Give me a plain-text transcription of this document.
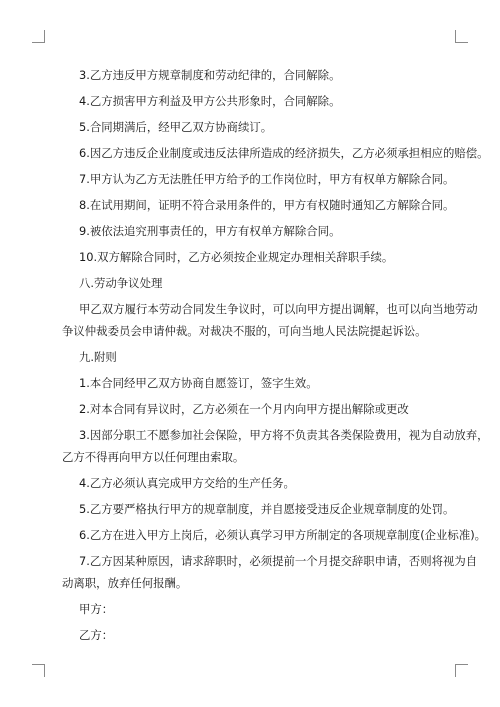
3.乙方违反甲方规章制度和劳动纪律的，合同解除。

4.乙方损害甲方利益及甲方公共形象时，合同解除。

5.合同期满后，经甲乙双方协商续订。

6.因乙方违反企业制度或违反法律所造成的经济损失，乙方必须承担相应的赔偿。

7.甲方认为乙方无法胜任甲方给予的工作岗位时，甲方有权单方解除合同。

8.在试用期间，证明不符合录用条件的，甲方有权随时通知乙方解除合同。

9.被依法追究刑事责任的，甲方有权单方解除合同。

10.双方解除合同时，乙方必须按企业规定办理相关辞职手续。

八.劳动争议处理

甲乙双方履行本劳动合同发生争议时，可以向甲方提出调解，也可以向当地劳动

争议仲裁委员会申请仲裁。对裁决不服的，可向当地人民法院提起诉讼。

九.附则

1.本合同经甲乙双方协商自愿签订，签字生效。

2.对本合同有异议时，乙方必须在一个月内向甲方提出解除或更改

3.因部分职工不愿参加社会保险，甲方将不负责其各类保险费用，视为自动放弃，

乙方不得再向甲方以任何理由索取。

4.乙方必须认真完成甲方交给的生产任务。

5.乙方要严格执行甲方的规章制度，并自愿接受违反企业规章制度的处罚。

6.乙方在进入甲方上岗后，必须认真学习甲方所制定的各项规章制度(企业标准)。

7.乙方因某种原因，请求辞职时，必须提前一个月提交辞职申请，否则将视为自

动离职，放弃任何报酬。

甲方：

乙方：
